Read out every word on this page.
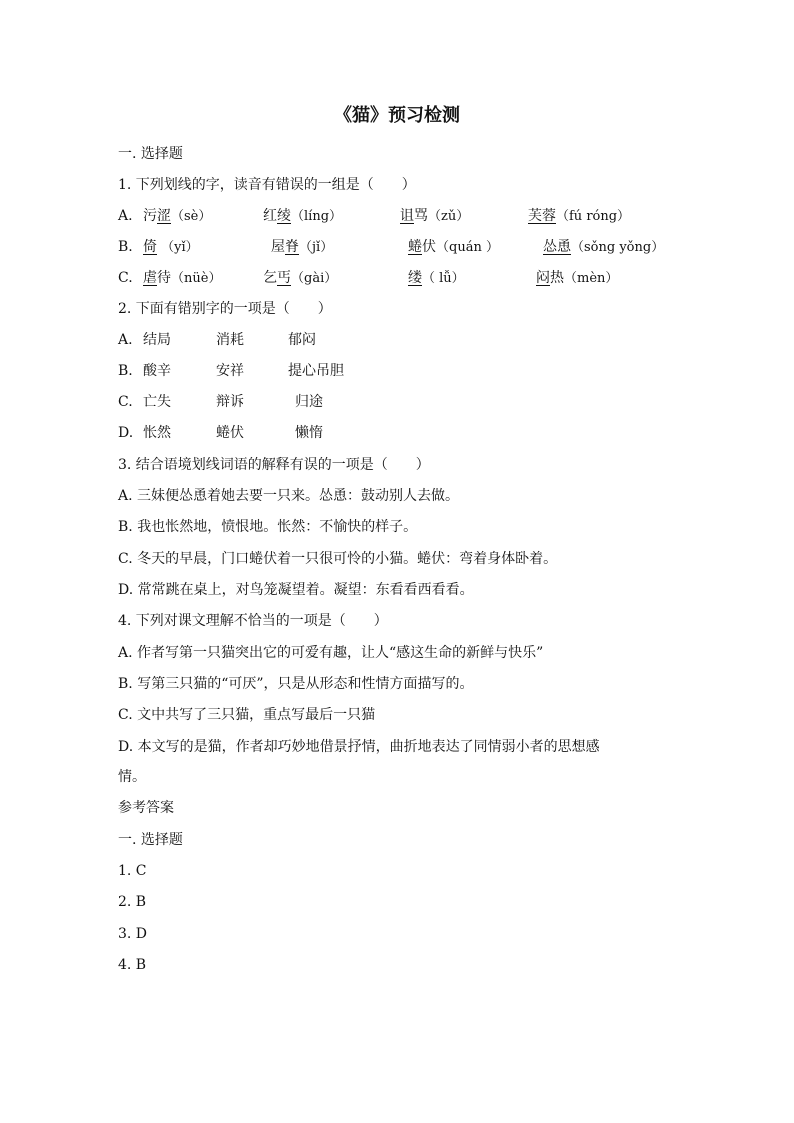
《猫》预习检测
一. 选择题
1. 下列划线的字，读音有错误的一组是（　　）
A. 污涩（sè）	红绫（líng）	诅骂（zǔ）	芙蓉（fú róng）
B. 倚 （yǐ）	屋脊（jǐ）	蜷伏（quán ）	怂恿（sǒng yǒng）
C. 虐待（nüè）	乞丐（gài）	缕（ lǚ）	闷热（mèn）
2. 下面有错别字的一项是（　　）
A. 结局	消耗	郁闷
B. 酸辛	安祥	提心吊胆
C. 亡失	辩诉	归途
D. 怅然	蜷伏	懒惰
3. 结合语境划线词语的解释有误的一项是（　　）
A. 三妹便怂恿着她去要一只来。怂恿：鼓动别人去做。
B. 我也怅然地，愤恨地。怅然：不愉快的样子。
C. 冬天的早晨，门口蜷伏着一只很可怜的小猫。蜷伏：弯着身体卧着。
D. 常常跳在桌上，对鸟笼凝望着。凝望：东看看西看看。
4. 下列对课文理解不恰当的一项是（　　）
A. 作者写第一只猫突出它的可爱有趣，让人“感这生命的新鲜与快乐”
B. 写第三只猫的“可厌”，只是从形态和性情方面描写的。
C. 文中共写了三只猫，重点写最后一只猫
D. 本文写的是猫，作者却巧妙地借景抒情，曲折地表达了同情弱小者的思想感
情。
参考答案
一. 选择题
1. C
2. B
3. D
4. B
